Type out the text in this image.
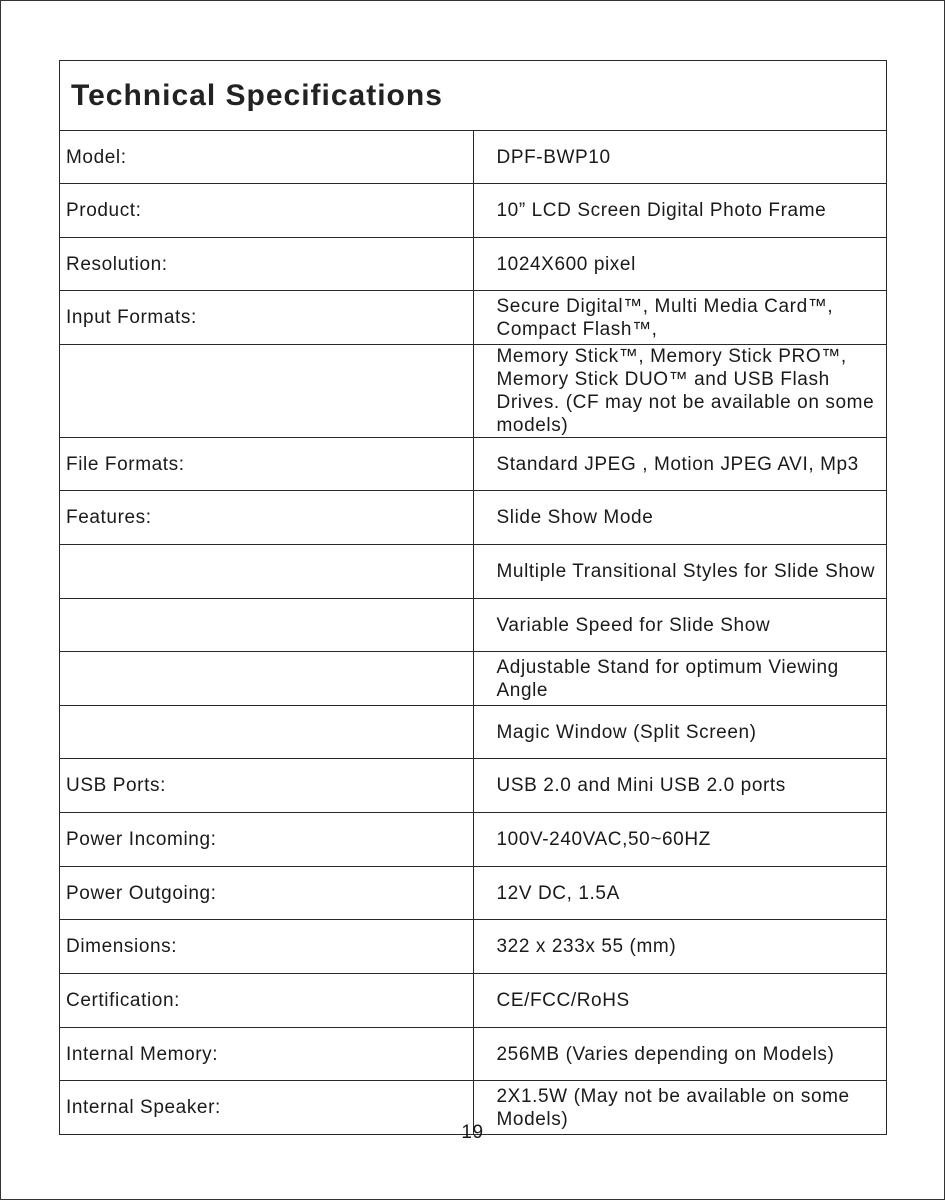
Technical Specifications	
Model:	DPF-BWP10
Product:	10” LCD Screen Digital Photo Frame
Resolution:	1024X600 pixel
Input Formats:	Secure Digital™, Multi Media Card™, Compact Flash™,
	Memory Stick™, Memory Stick PRO™, Memory Stick DUO™ and USB Flash Drives. (CF may not be available on some models)
File Formats:	Standard JPEG , Motion JPEG AVI, Mp3
Features:	Slide Show Mode
	Multiple Transitional Styles for Slide Show
	Variable Speed for Slide Show
	Adjustable Stand for optimum Viewing Angle
	Magic Window (Split Screen)
USB Ports:	USB 2.0 and Mini USB 2.0 ports
Power Incoming:	100V-240VAC,50~60HZ
Power Outgoing:	12V DC, 1.5A
Dimensions:	322 x 233x 55 (mm)
Certification:	CE/FCC/RoHS
Internal Memory:	256MB (Varies depending on Models)
Internal Speaker:	2X1.5W (May not be available on some Models)
19
